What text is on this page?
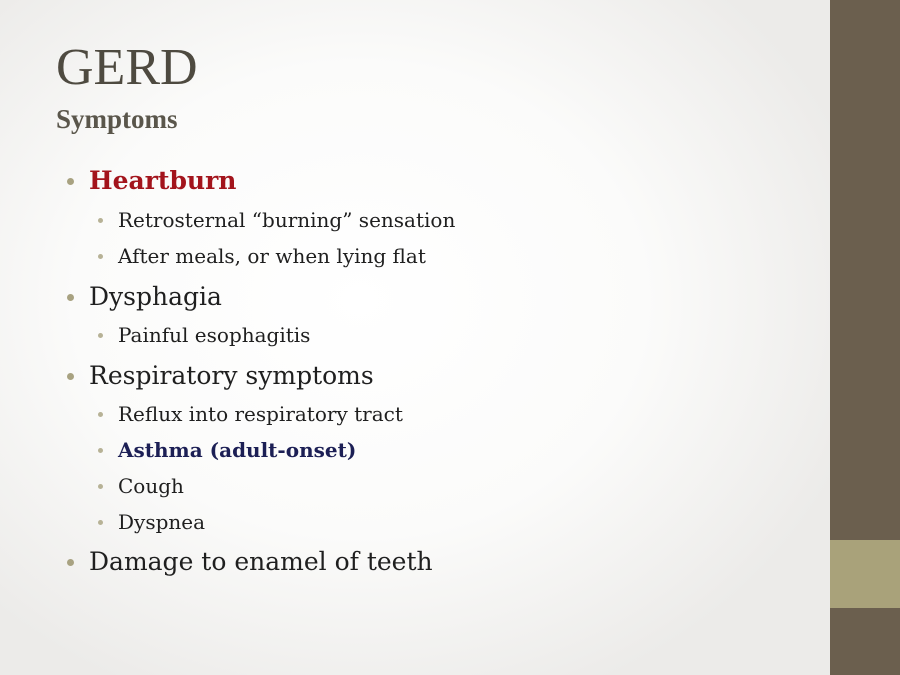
GERD
Symptoms
Heartburn
Retrosternal “burning” sensation
After meals, or when lying flat
Dysphagia
Painful esophagitis
Respiratory symptoms
Reflux into respiratory tract
Asthma (adult-onset)
Cough
Dyspnea
Damage to enamel of teeth
